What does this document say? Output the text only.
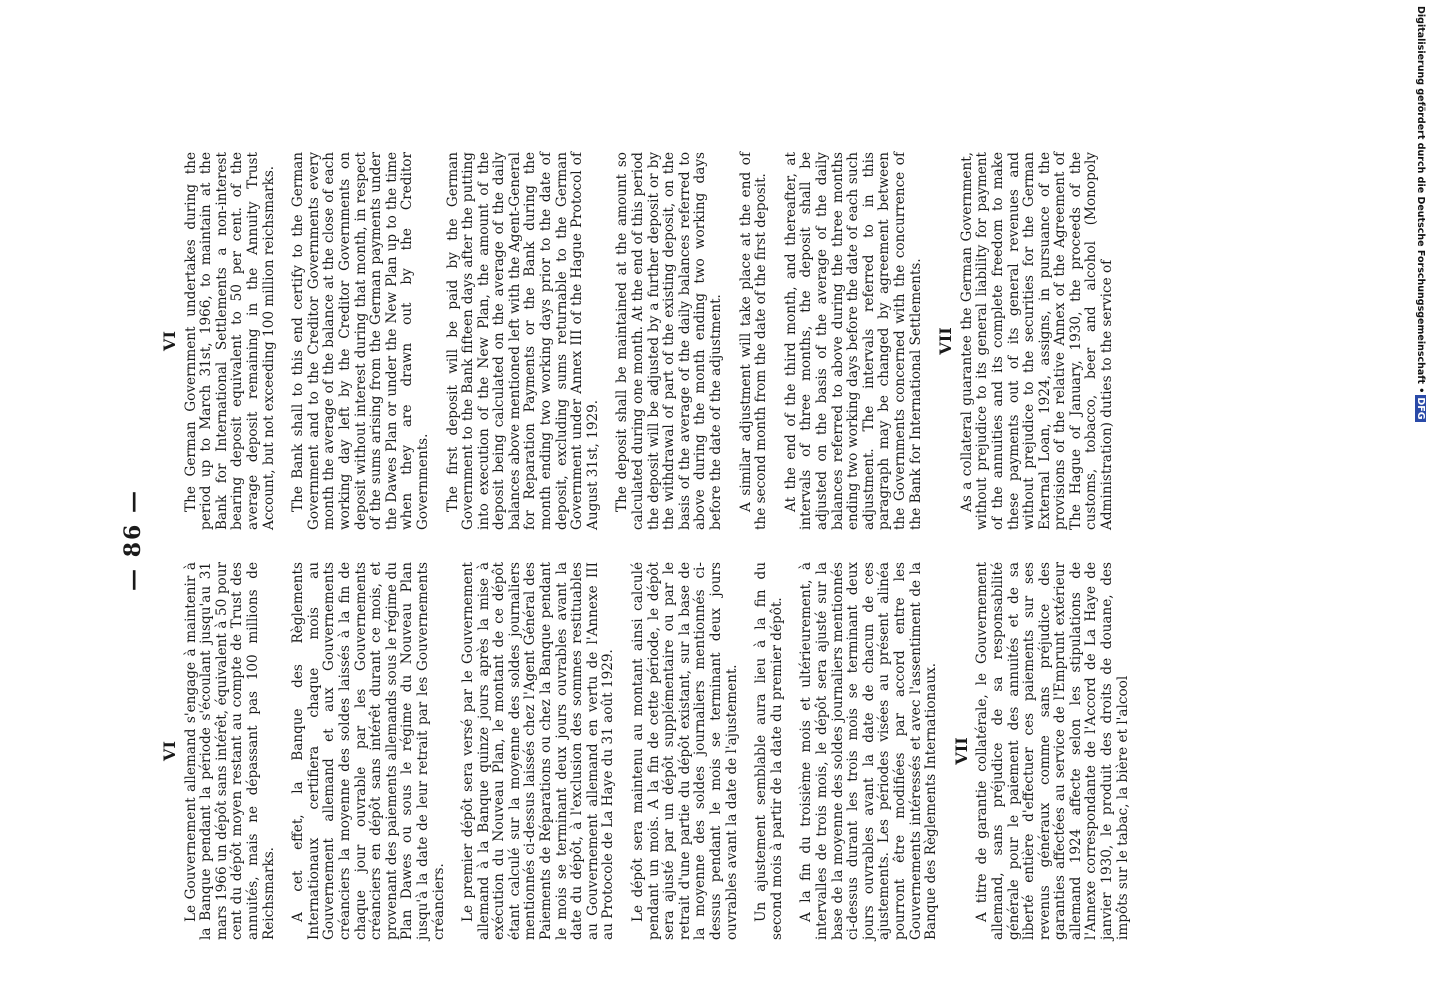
— 86 —
VI Le Gouvernement allemand s'engage à maintenir à la Banque pendant la période s'écoulant jusqu'au 31 mars 1966 un dépôt sans intérêt, équivalent à 50 pour cent du dépôt moyen restant au compte de Trust des annuités, mais ne dépassant pas 100 millions de Reichsmarks. A cet effet, la Banque des Règlements Internationaux certifiera chaque mois au Gouvernement allemand et aux Gouvernements créanciers la moyenne des soldes laissés à la fin de chaque jour ouvrable par les Gouvernements créanciers en dépôt sans intérêt durant ce mois, et provenant des paiements allemands sous le régime du Plan Dawes ou sous le régime du Nouveau Plan jusqu'à la date de leur retrait par les Gouvernements créanciers. Le premier dépôt sera versé par le Gouvernement allemand à la Banque quinze jours après la mise à exécution du Nouveau Plan, le montant de ce dépôt étant calculé sur la moyenne des soldes journaliers mentionnés ci-dessus laissés chez l'Agent Général des Paiements de Réparations ou chez la Banque pendant le mois se terminant deux jours ouvrables avant la date du dépôt, à l'exclusion des sommes restituables au Gouvernement allemand en vertu de l'Annexe III au Protocole de La Haye du 31 août 1929. Le dépôt sera maintenu au montant ainsi calculé pendant un mois. A la fin de cette période, le dépôt sera ajusté par un dépôt supplémentaire ou par le retrait d'une partie du dépôt existant, sur la base de la moyenne des soldes journaliers mentionnés ci-dessus pendant le mois se terminant deux jours ouvrables avant la date de l'ajustement. Un ajustement semblable aura lieu à la fin du second mois à partir de la date du premier dépôt. A la fin du troisième mois et ultérieurement, à intervalles de trois mois, le dépôt sera ajusté sur la base de la moyenne des soldes journaliers mentionnés ci-dessus durant les trois mois se terminant deux jours ouvrables avant la date de chacun de ces ajustements. Les périodes visées au présent alinéa pourront être modifiées par accord entre les Gouvernements intéressés et avec l'assentiment de la Banque des Règlements Internationaux. VII A titre de garantie collatérale, le Gouvernement allemand, sans préjudice de sa responsabilité générale pour le paiement des annuités et de sa liberté entière d'effectuer ces paiements sur ses revenus généraux comme sans préjudice des garanties affectées au service de l'Emprunt extérieur allemand 1924 affecte selon les stipulations de l'Annexe correspondante de l'Accord de La Haye de janvier 1930, le produit des droits de douane, des impôts sur le tabac, la bière et l'alcool

VI The German Government undertakes during the period up to March 31st, 1966, to maintain at the Bank for International Settlements a non-interest bearing deposit equivalent to 50 per cent. of the average deposit remaining in the Annuity Trust Account, but not exceeding 100 million reichsmarks. The Bank shall to this end certify to the German Government and to the Creditor Governments every month the average of the balance at the close of each working day left by the Creditor Governments on deposit without interest during that month, in respect of the sums arising from the German payments under the Dawes Plan or under the New Plan up to the time when they are drawn out by the Creditor Governments. The first deposit will be paid by the German Government to the Bank fifteen days after the putting into execution of the New Plan, the amount of the deposit being calculated on the average of the daily balances above mentioned left with the Agent-General for Reparation Payments or the Bank during the month ending two working days prior to the date of deposit, excluding sums returnable to the German Government under Annex III of the Hague Protocol of August 31st, 1929. The deposit shall be maintained at the amount so calculated during one month. At the end of this period the deposit will be adjusted by a further deposit or by the withdrawal of part of the existing deposit, on the basis of the average of the daily balances referred to above during the month ending two working days before the date of the adjustment. A similar adjustment will take place at the end of the second month from the date of the first deposit. At the end of the third month, and thereafter, at intervals of three months, the deposit shall be adjusted on the basis of the average of the daily balances referred to above during the three months ending two working days before the date of each such adjustment. The intervals referred to in this paragraph may be changed by agreement between the Governments concerned with the concurrence of the Bank for International Settlements. VII As a collateral guarantee the German Government, without prejudice to its general liability for payment of the annuities and its complete freedom to make these payments out of its general revenues and without prejudice to the securities for the German External Loan, 1924, assigns, in pursuance of the provisions of the relative Annex of the Agreement of The Hague of January, 1930, the proceeds of the customs, tobacco, beer and alcohol (Monopoly Administration) duties to the service of

Digitalisierung gefördert durch die Deutsche Forschungsgemeinschaft •DFG
